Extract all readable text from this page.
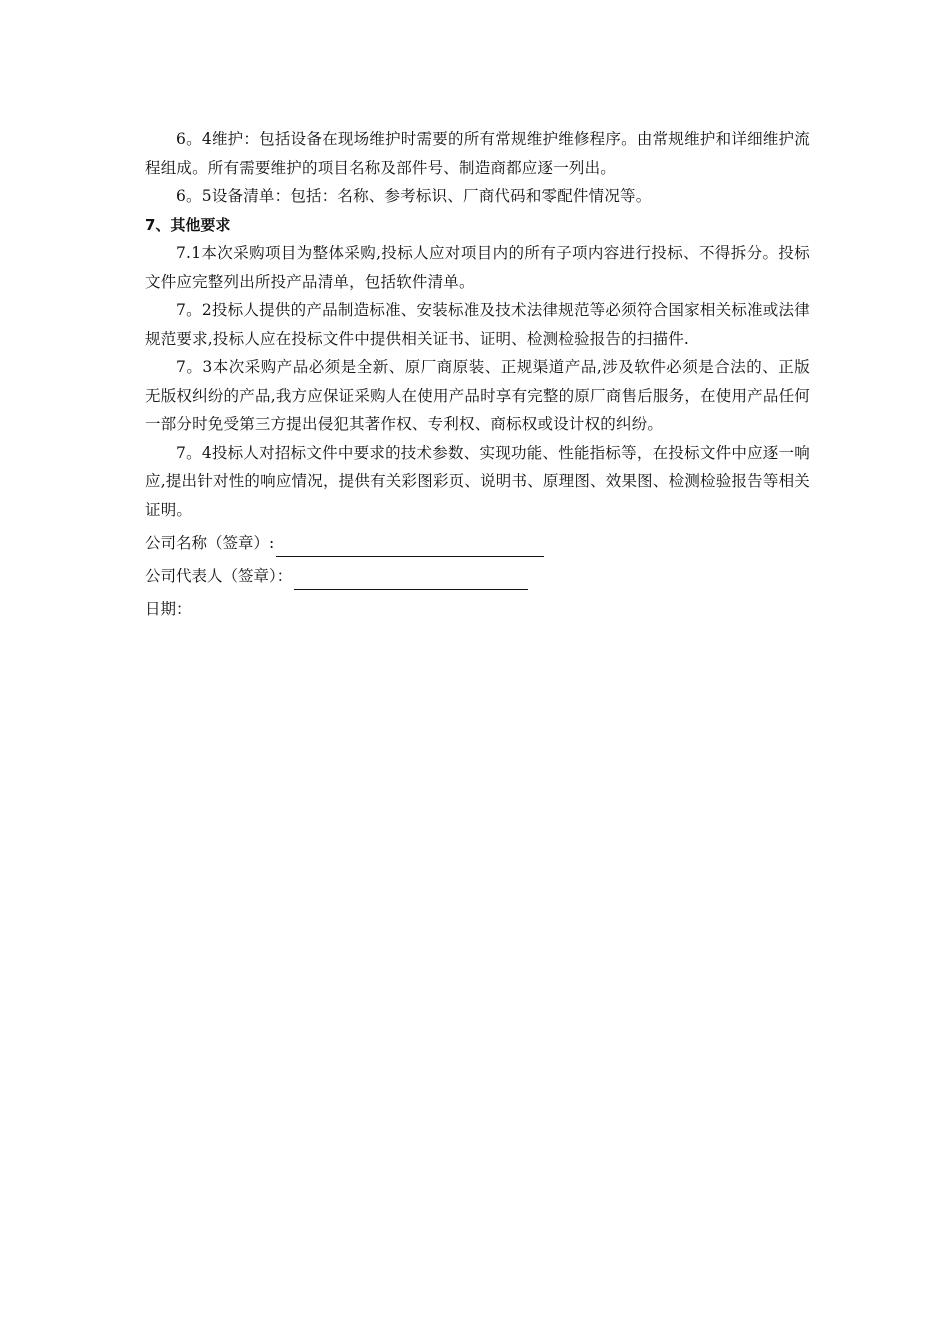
6。4维护：包括设备在现场维护时需要的所有常规维护维修程序。由常规维护和详细维护流程组成。所有需要维护的项目名称及部件号、制造商都应逐一列出。

6。5设备清单：包括：名称、参考标识、厂商代码和零配件情况等。

7、其他要求

7.1本次采购项目为整体采购,投标人应对项目内的所有子项内容进行投标、不得拆分。投标文件应完整列出所投产品清单，包括软件清单。

7。2投标人提供的产品制造标准、安装标准及技术法律规范等必须符合国家相关标准或法律规范要求,投标人应在投标文件中提供相关证书、证明、检测检验报告的扫描件.

7。3本次采购产品必须是全新、原厂商原装、正规渠道产品,涉及软件必须是合法的、正版无版权纠纷的产品,我方应保证采购人在使用产品时享有完整的原厂商售后服务，在使用产品任何一部分时免受第三方提出侵犯其著作权、专利权、商标权或设计权的纠纷。

7。4投标人对招标文件中要求的技术参数、实现功能、性能指标等，在投标文件中应逐一响应,提出针对性的响应情况，提供有关彩图彩页、说明书、原理图、效果图、检测检验报告等相关证明。

公司名称（签章）:
公司代表人（签章）：
日期：
